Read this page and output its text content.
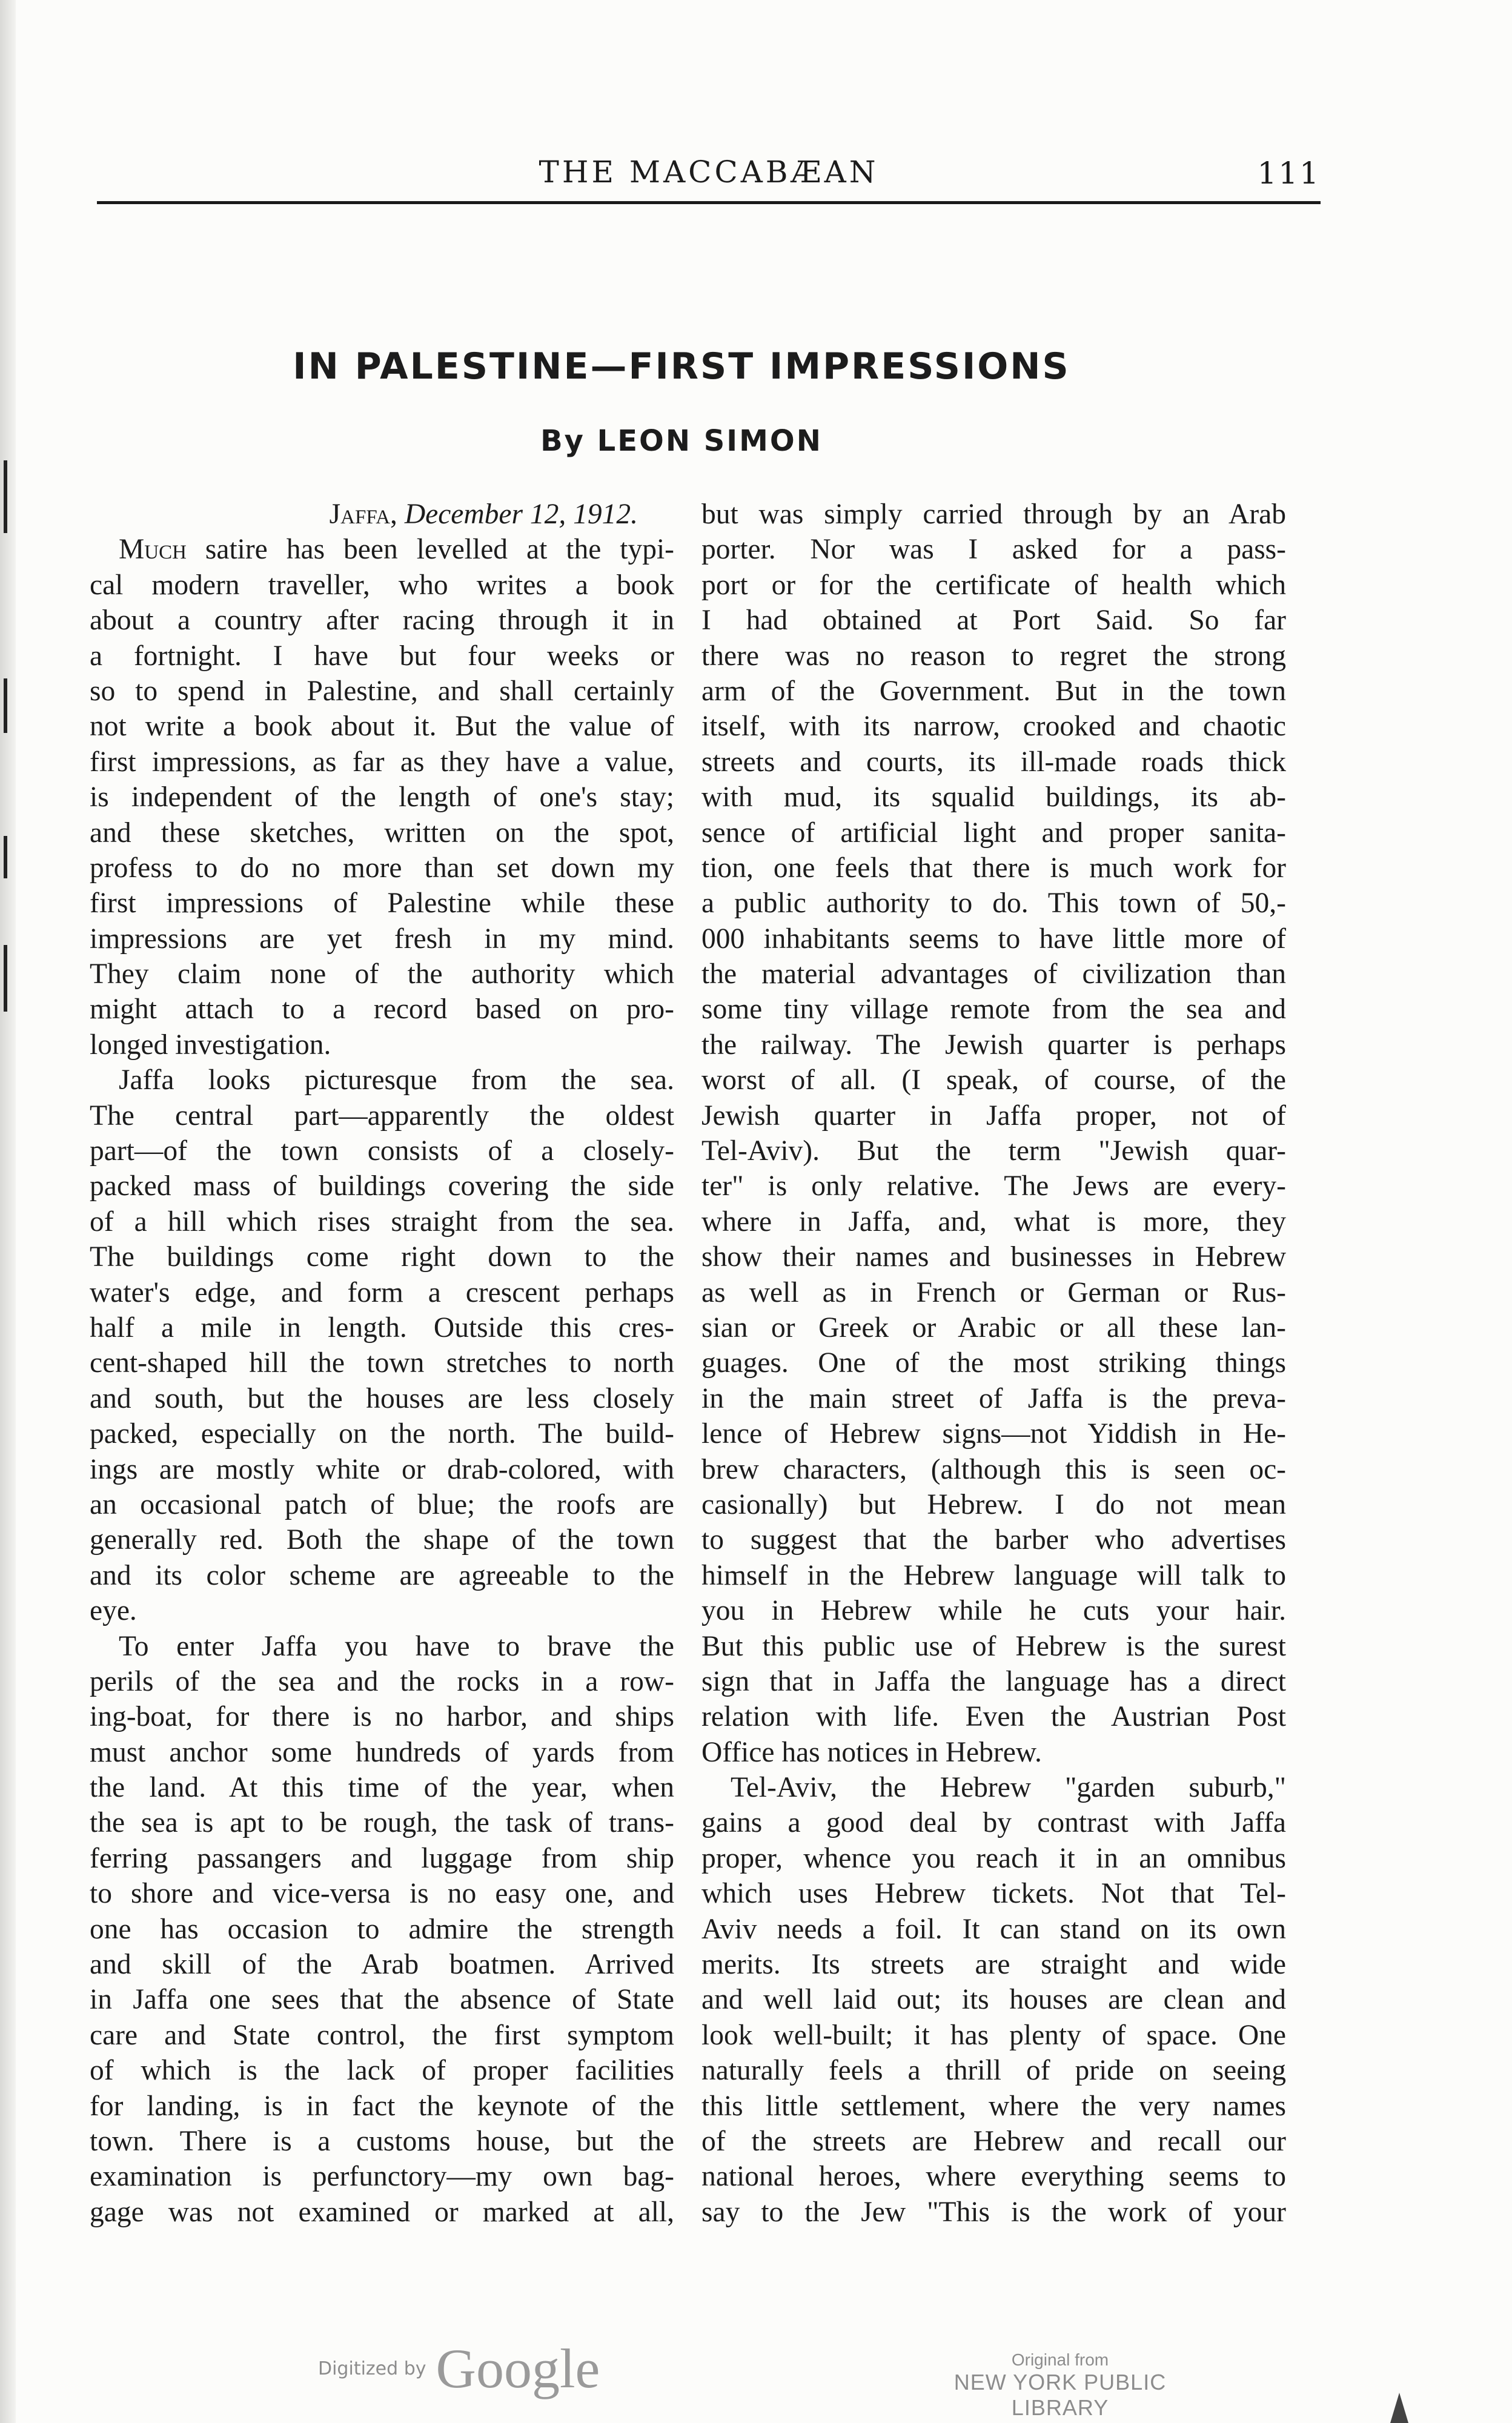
THE MACCABÆAN	111
IN PALESTINE—FIRST IMPRESSIONS
By LEON SIMON
Jaffa, December 12, 1912.
Much satire has been levelled at the typi-
cal modern traveller, who writes a book
about a country after racing through it in
a fortnight. I have but four weeks or
so to spend in Palestine, and shall certainly
not write a book about it. But the value of
first impressions, as far as they have a value,
is independent of the length of one's stay;
and these sketches, written on the spot,
profess to do no more than set down my
first impressions of Palestine while these
impressions are yet fresh in my mind.
They claim none of the authority which
might attach to a record based on pro-
longed investigation.
Jaffa looks picturesque from the sea.
The central part—apparently the oldest
part—of the town consists of a closely-
packed mass of buildings covering the side
of a hill which rises straight from the sea.
The buildings come right down to the
water's edge, and form a crescent perhaps
half a mile in length. Outside this cres-
cent-shaped hill the town stretches to north
and south, but the houses are less closely
packed, especially on the north. The build-
ings are mostly white or drab-colored, with
an occasional patch of blue; the roofs are
generally red. Both the shape of the town
and its color scheme are agreeable to the
eye.
To enter Jaffa you have to brave the
perils of the sea and the rocks in a row-
ing-boat, for there is no harbor, and ships
must anchor some hundreds of yards from
the land. At this time of the year, when
the sea is apt to be rough, the task of trans-
ferring passangers and luggage from ship
to shore and vice-versa is no easy one, and
one has occasion to admire the strength
and skill of the Arab boatmen. Arrived
in Jaffa one sees that the absence of State
care and State control, the first symptom
of which is the lack of proper facilities
for landing, is in fact the keynote of the
town. There is a customs house, but the
examination is perfunctory—my own bag-
gage was not examined or marked at all,
but was simply carried through by an Arab
porter. Nor was I asked for a pass-
port or for the certificate of health which
I had obtained at Port Said. So far
there was no reason to regret the strong
arm of the Government. But in the town
itself, with its narrow, crooked and chaotic
streets and courts, its ill-made roads thick
with mud, its squalid buildings, its ab-
sence of artificial light and proper sanita-
tion, one feels that there is much work for
a public authority to do. This town of 50,-
000 inhabitants seems to have little more of
the material advantages of civilization than
some tiny village remote from the sea and
the railway. The Jewish quarter is perhaps
worst of all. (I speak, of course, of the
Jewish quarter in Jaffa proper, not of
Tel-Aviv). But the term "Jewish quar-
ter" is only relative. The Jews are every-
where in Jaffa, and, what is more, they
show their names and businesses in Hebrew
as well as in French or German or Rus-
sian or Greek or Arabic or all these lan-
guages. One of the most striking things
in the main street of Jaffa is the preva-
lence of Hebrew signs—not Yiddish in He-
brew characters, (although this is seen oc-
casionally) but Hebrew. I do not mean
to suggest that the barber who advertises
himself in the Hebrew language will talk to
you in Hebrew while he cuts your hair.
But this public use of Hebrew is the surest
sign that in Jaffa the language has a direct
relation with life. Even the Austrian Post
Office has notices in Hebrew.
Tel-Aviv, the Hebrew "garden suburb,"
gains a good deal by contrast with Jaffa
proper, whence you reach it in an omnibus
which uses Hebrew tickets. Not that Tel-
Aviv needs a foil. It can stand on its own
merits. Its streets are straight and wide
and well laid out; its houses are clean and
look well-built; it has plenty of space. One
naturally feels a thrill of pride on seeing
this little settlement, where the very names
of the streets are Hebrew and recall our
national heroes, where everything seems to
say to the Jew "This is the work of your
Digitized by Google	Original from
NEW YORK PUBLIC LIBRARY
